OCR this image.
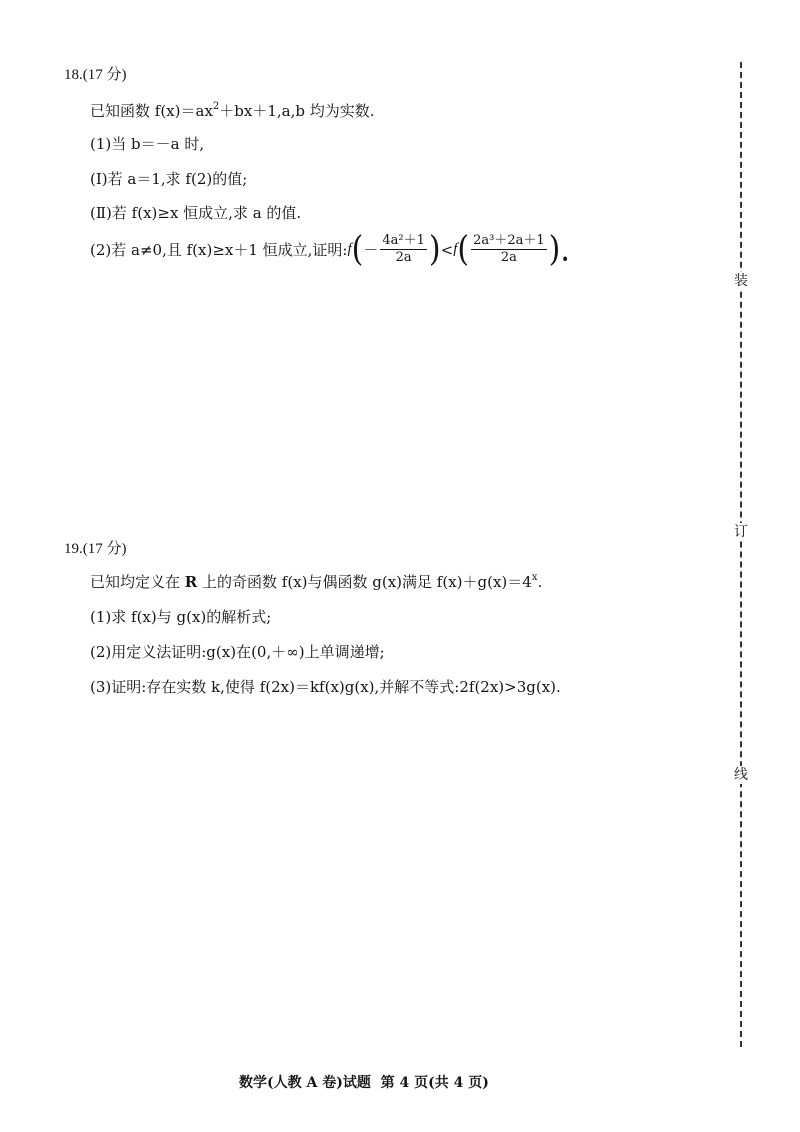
18.(17 分)
已知函数 $f(x)=ax^2+bx+1,a,b$ 均为实数.
(1)当 b＝－a 时,
(Ⅰ)若 a＝1,求 f(2)的值;
(Ⅱ)若 f(x)≥x 恒成立,求 a 的值.
(2)若 a≠0,且 f(x)≥x＋1 恒成立,证明: f ( － $\frac{\text{4a²＋1}}{2a}$ ) < f ( $\frac{\text{2a³＋2a＋1}}{2a}$ ).
19.(17 分)
已知均定义在 R 上的奇函数 f(x)与偶函数 g(x)满足 $f(x)+g(x)=4^x$.
(1)求 f(x)与 g(x)的解析式;
(2)用定义法证明:g(x)在(0,＋∞)上单调递增;
(3)证明:存在实数 k,使得 f(2x)＝kf(x)g(x),并解不等式:2f(2x)>3g(x).
装
订
线
数学(人教 A 卷)试题 第 4 页(共 4 页)
